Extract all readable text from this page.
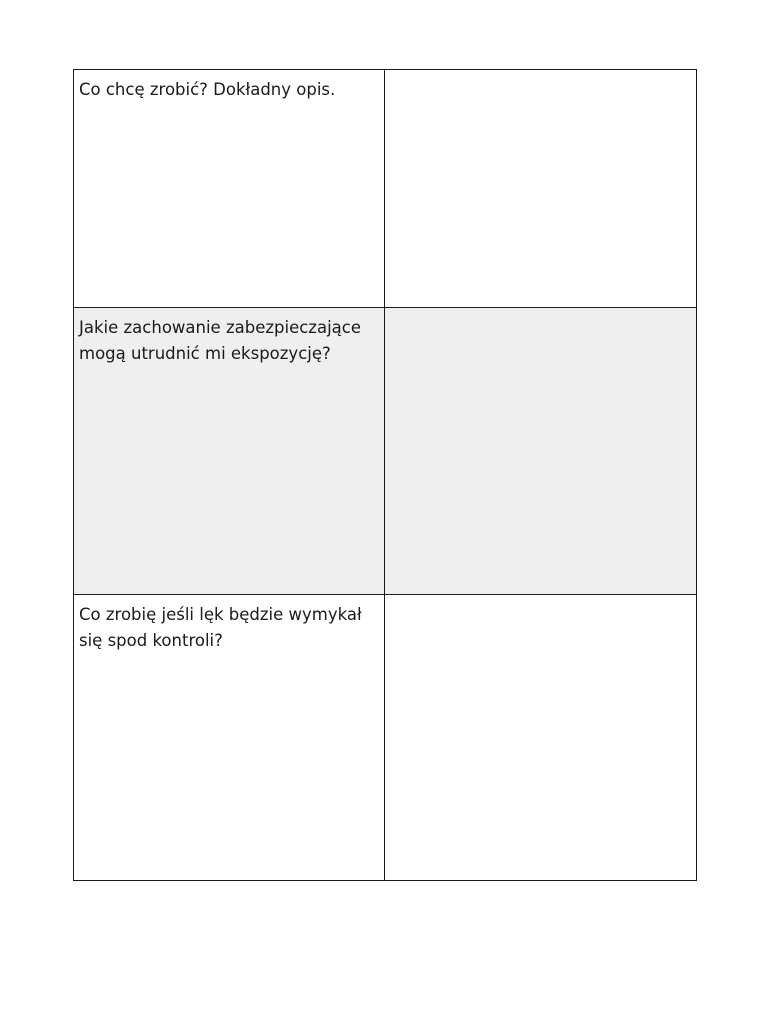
Co chcę zrobić? Dokładny opis.	
Jakie zachowanie zabezpieczające mogą utrudnić mi ekspozycję?	
Co zrobię jeśli lęk będzie wymykał się spod kontroli?	
